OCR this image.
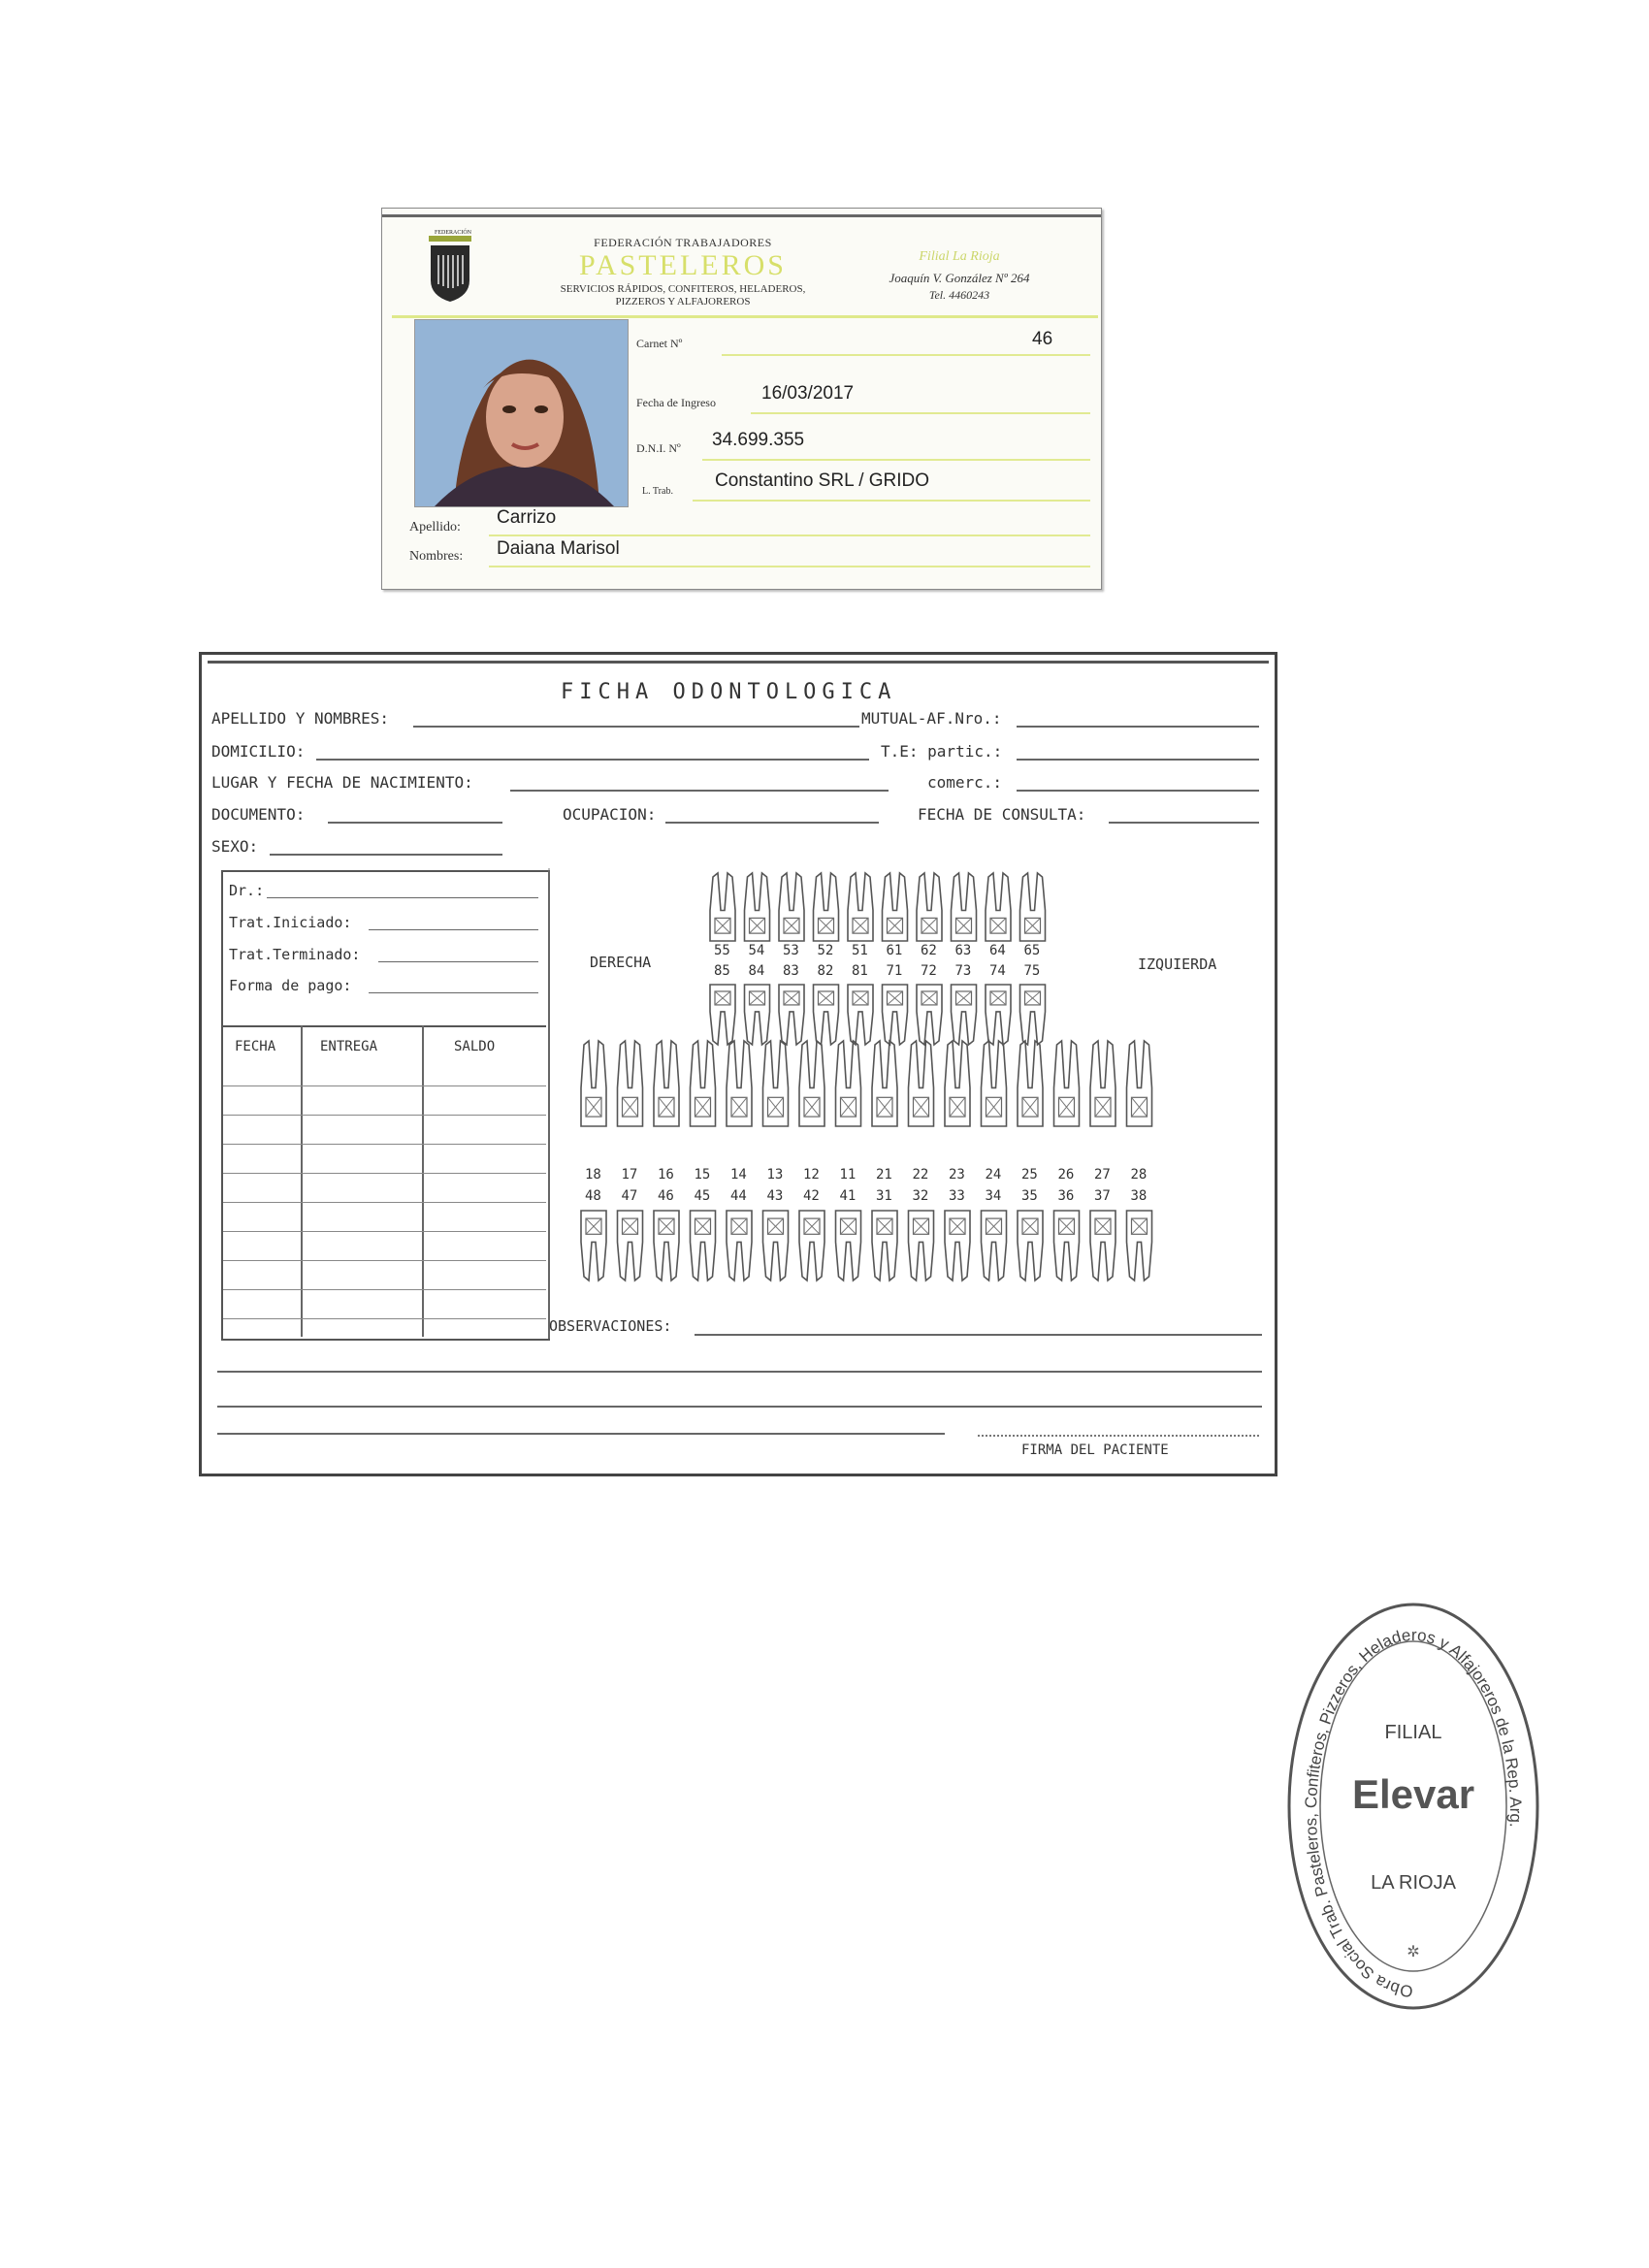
FEDERACIÓN
FEDERACIÓN TRABAJADORES
PASTELEROS
SERVICIOS RÁPIDOS, CONFITEROS, HELADEROS,
PIZZEROS Y ALFAJOREROS
Filial La Rioja
Joaquín V. González Nº 264
Tel. 4460243
Carnet Nº	46
Fecha de Ingreso 16/03/2017
D.N.I. Nº 34.699.355
L. Trab.
Constantino SRL / GRIDO
Apellido: Carrizo
Nombres: Daiana Marisol
FICHA ODONTOLOGICA
APELLIDO Y NOMBRES:	MUTUAL-AF.Nro.:
DOMICILIO:	T.E: partic.:
LUGAR Y FECHA DE NACIMIENTO:	comerc.:
DOCUMENTO:	OCUPACION:	FECHA DE CONSULTA:
SEXO:
Dr.:
Trat.Iniciado:
Trat.Terminado:
Forma de pago:
FECHA	ENTREGA	SALDO
DERECHA	IZQUIERDA
55 54 53 52 51 61 62 63 64 65
85 84 83 82 81 71 72 73 74 75
18 17 16 15 14 13 12 11 21 22 23 24 25 26 27 28
48 47 46 45 44 43 42 41 31 32 33 34 35 36 37 38
OBSERVACIONES:
FIRMA DEL PACIENTE
Obra Social Trab. Pasteleros, Confiteros, Pizzeros, Heladeros y Alfajoreros de la Rep. Arg.
FILIAL
Elevar
LA RIOJA
✲
